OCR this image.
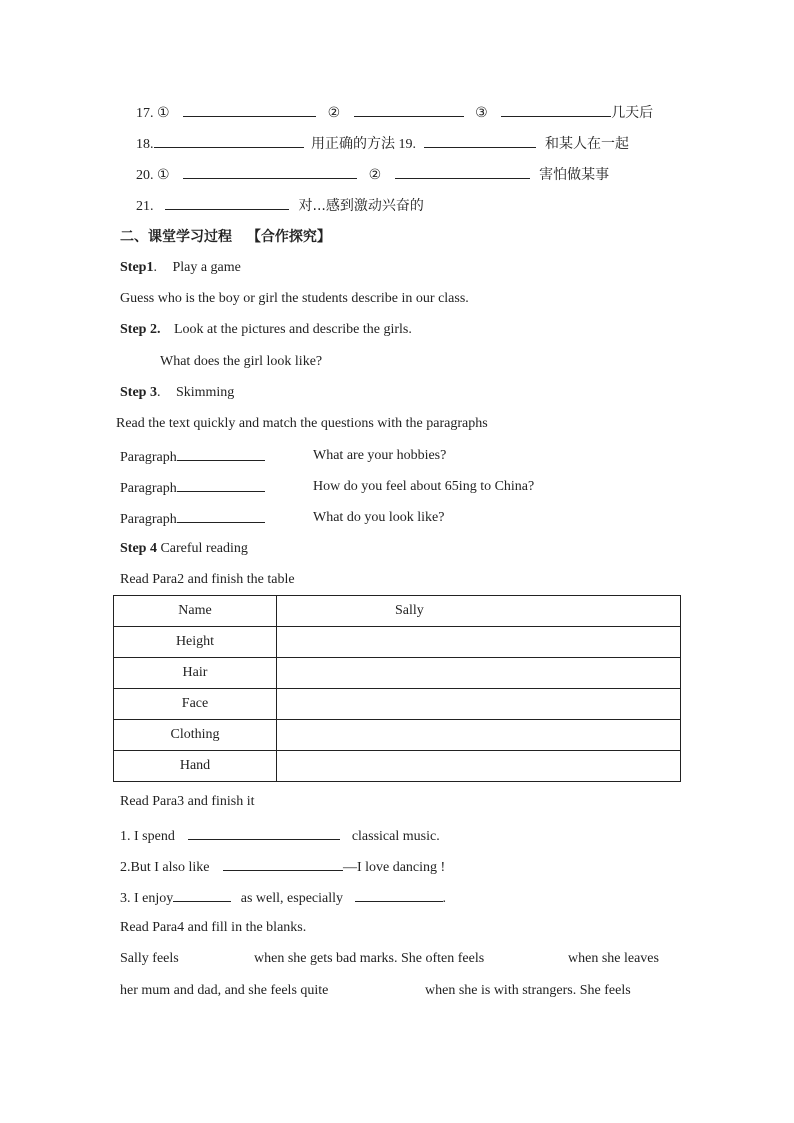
17. ①	②	③	几天后
18.	用正确的方法 19.	和某人在一起
20. ①	②	害怕做某事
21.	对...感到激动兴奋的
二、课堂学习过程 【合作探究】
Step1. Play a game
Guess who is the boy or girl the students describe in our class.
Step 2. Look at the pictures and describe the girls.
What does the girl look like?
Step 3. Skimming
Read the text quickly and match the questions with the paragraphs
Paragraph	What are your hobbies?
Paragraph	How do you feel about 65ing to China?
Paragraph	What do you look like?
Step 4 Careful reading
Read Para2 and finish the table
Name	Sally
Height	
Hair	
Face	
Clothing	
Hand	
Read Para3 and finish it
1. I spend	classical music.
2.But I also like	—I love dancing !
3. I enjoy	as well, especially	.
Read Para4 and fill in the blanks.
Sally feels	when she gets bad marks. She often feels	when she leaves
her mum and dad, and she feels quite	when she is with strangers. She feels
